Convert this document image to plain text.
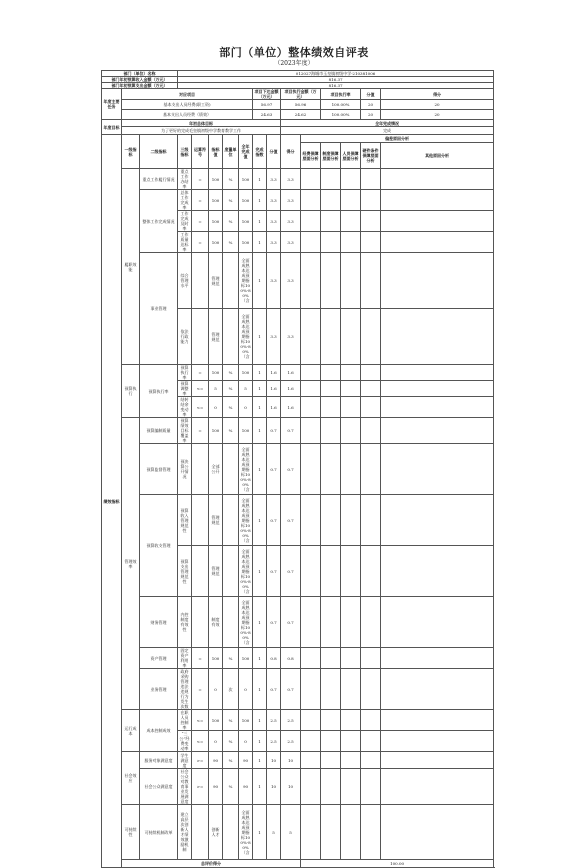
部门（单位）整体绩效自评表
（2023年度）
部门（单位）名称			012027海城市玉皇镇初级中学-210381006													
部门年初预算收入金额（万元）			816.37													
部门年初预算支出金额（万元）			816.37													
年度主要任务	对应项目							项目下达金额（万元）		项目执行金额（万元）		项目执行率		分值	得分	
	基本支出人员经费(职工资)							56.97		56.96		100.00%		20	20	
	基本支出人员经费（绩效）							24.63		24.62		100.00%		20	20	
年度目标	年初总体目标									全年完成情况						
	为了更好的完成毛皇镇初级中学教育教学工作									完成						
绩效指标	一级指标	二级指标	三级指标	运算符号	指标值	度量单位	全年完成值	完成指数	分值	得分	偏差原因分析	
											经费保障层面分析	制度保障层面分析	人员保障层面分析	硬件条件保障层面分析	其他原因分析	
	履职效能	重点工作履行情况	重点工作办结率	=	100	%	100	1	3.3	3.3						
		整体工作完成情况	总体工作完成率	=	100	%	100	1	3.3	3.3						
			工作完成及时率	=	100	%	100	1	3.3	3.3						
			工作质量达标率	=	100	%	100	1	3.3	3.3						
		事业管理	综合管理水平		管理规范		全面成熟本达成预期指标100%-80%（含	1	3.3	3.3						
			依法行政能力		管理规范		全面成熟本达成预期指标100%-80%（含	1	3.3	3.3						
	预算执行	预算执行率	预算执行率	=	100	%	100	1	1.6	1.6						
			预算调整率	<=	5	%	5	1	1.6	1.6						
			结转结余变动率	<=	0	%	0	1	1.6	1.6						
	管理效率	预算编制质量	预算绩效目标覆盖率	=	100	%	100	1	0.7	0.7						
		预算监督管理	预决算公开情况		全部公开		全面成熟本达成预期指标100%-80%（含	1	0.7	0.7						
		预算收支管理	预算收入管理规范性		管理规范		全面成熟本达成预期指标100%-80%（含	1	0.7	0.7						
			预算支出管理规范性		管理规范		全面成熟本达成预期指标100%-80%（含	1	0.7	0.7						
		财务管理	内控制度有效性		制度有效		全面成熟本达成预期指标100%-80%（含	1	0.7	0.7						
		资产管理	固定资产利用率	=	100	%	100	1	0.8	0.8						
		业务管理	政府采购管理违法违规行为发生次数	=	0	次	0	1	0.7	0.7						
	运行成本	成本控制成效	在职人员控制率	<=	100	%	100	1	2.5	2.5						
			“三公”经费变动率	<=	0	%	0	1	2.5	2.5						
	社会效应	服务对象满意度	学生满意度	>=	90	%	90	1	10	10						
		社会公众满意度	社会公众对教育事业发展满意度	>=	90	%	90	1	10	10						
	可持续性	可持续机制改革	建立高层次创新人才绩效激励机制		创新人才		全面成熟本达成预期指标100%-80%（含	1	5	5						
	总评价得分										100.00					
